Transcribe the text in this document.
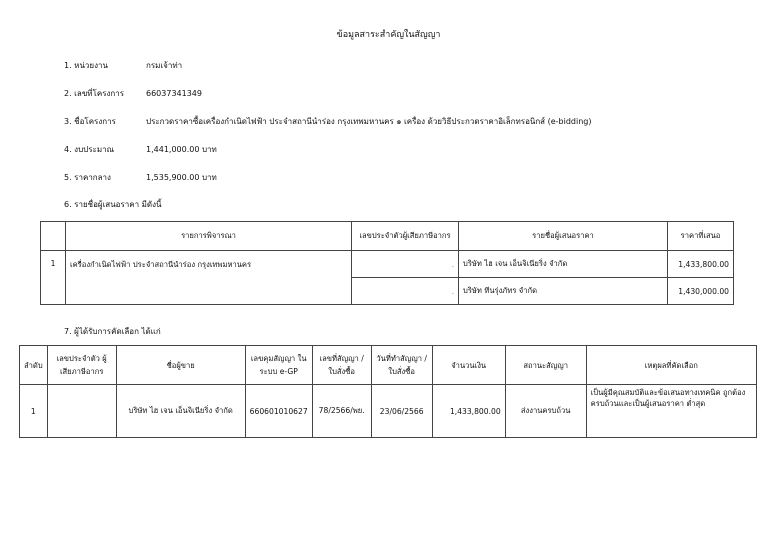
ข้อมูลสาระสำคัญในสัญญา
1. หน่วยงาน	กรมเจ้าท่า
2. เลขที่โครงการ	66037341349
3. ชื่อโครงการ	ประกวดราคาซื้อเครื่องกำเนิดไฟฟ้า ประจำสถานีนำร่อง กรุงเทพมหานคร ๑ เครื่อง ด้วยวิธีประกวดราคาอิเล็กทรอนิกส์ (e-bidding)
4. งบประมาณ	1,441,000.00 บาท
5. ราคากลาง	1,535,900.00 บาท
6. รายชื่อผู้เสนอราคา มีดังนี้
	รายการพิจารณา	เลขประจำตัวผู้เสียภาษีอากร	รายชื่อผู้เสนอราคา	ราคาที่เสนอ
1	เครื่องกำเนิดไฟฟ้า ประจำสถานีนำร่อง กรุงเทพมหานคร	.	บริษัท ไฮ เจน เอ็นจิเนียริ่ง จำกัด	1,433,800.00
		.	บริษัท ทีนรุ่งภัทร จำกัด	1,430,000.00
7. ผู้ได้รับการคัดเลือก ได้แก่
ลำดับ	เลขประจำตัว ผู้เสียภาษีอากร	ชื่อผู้ขาย	เลขคุมสัญญา ในระบบ e-GP	เลขที่สัญญา / ใบสั่งซื้อ	วันที่ทำสัญญา / ใบสั่งซื้อ	จำนวนเงิน	สถานะสัญญา	เหตุผลที่คัดเลือก
1		บริษัท ไฮ เจน เอ็นจิเนียริ่ง จำกัด	660601010627	78/2566/พย.	23/06/2566	1,433,800.00	ส่งงานครบถ้วน	เป็นผู้มีคุณสมบัติและข้อเสนอทางเทคนิค ถูกต้องครบถ้วนและเป็นผู้เสนอราคา ต่ำสุด
